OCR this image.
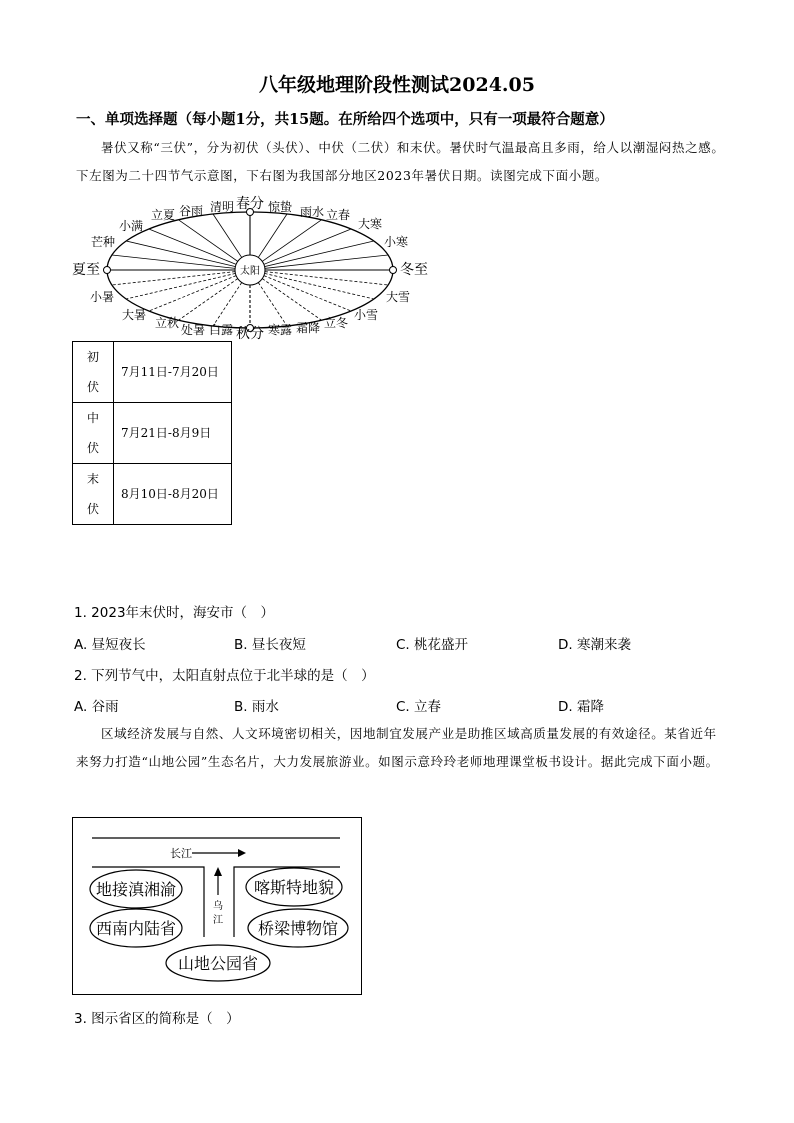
八年级地理阶段性测试2024.05
一、单项选择题（每小题1分，共15题。在所给四个选项中，只有一项最符合题意）
暑伏又称“三伏”，分为初伏（头伏）、中伏（二伏）和末伏。暑伏时气温最高且多雨，给人以潮湿闷热之感。下左图为二十四节气示意图，下右图为我国部分地区2023年暑伏日期。读图完成下面小题。
太阳
春分 惊蛰 雨水 立春
大寒
小寒
冬至
大雪
小雪
立冬
霜降
寒露
秋分
白露
处暑
立秋
大暑
小暑
夏至
芒种
小满
立夏 谷雨 清明
初
伏	7月11日-7月20日
中
伏	7月21日-8月9日
末
伏	8月10日-8月20日
1. 2023年末伏时，海安市（　）
A. 昼短夜长	B. 昼长夜短	C. 桃花盛开	D. 寒潮来袭
2. 下列节气中，太阳直射点位于北半球的是（　）
A. 谷雨	B. 雨水	C. 立春	D. 霜降
区域经济发展与自然、人文环境密切相关，因地制宜发展产业是助推区域高质量发展的有效途径。某省近年来努力打造“山地公园”生态名片，大力发展旅游业。如图示意玲玲老师地理课堂板书设计。据此完成下面小题。
长江
乌
江
地接滇湘渝
西南内陆省
喀斯特地貌
桥梁博物馆
山地公园省
3. 图示省区的简称是（　）
